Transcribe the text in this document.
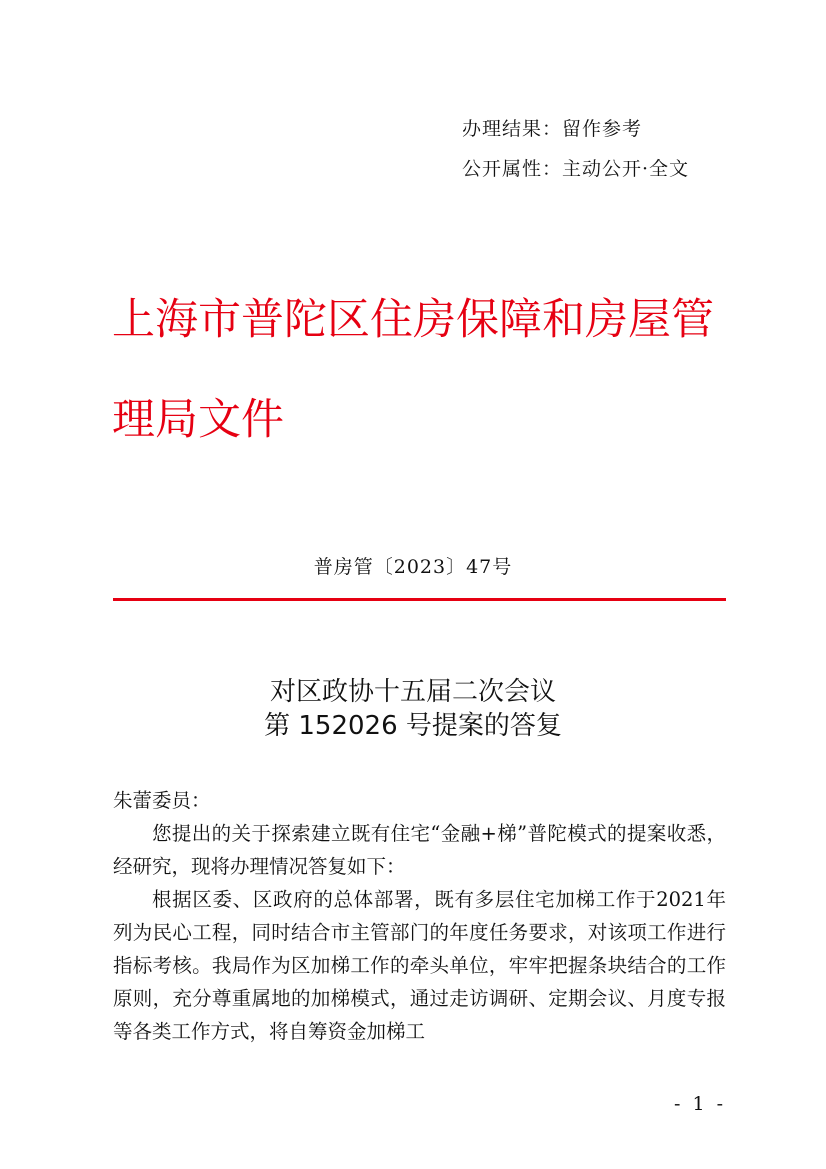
办理结果：留作参考
公开属性：主动公开·全文
上海市普陀区住房保障和房屋管理局文件
普房管〔2023〕47号
对区政协十五届二次会议
第 152026 号提案的答复

朱蕾委员：

您提出的关于探索建立既有住宅“金融+梯”普陀模式的提案收悉，经研究，现将办理情况答复如下：

根据区委、区政府的总体部署，既有多层住宅加梯工作于2021年列为民心工程，同时结合市主管部门的年度任务要求，对该项工作进行指标考核。我局作为区加梯工作的牵头单位，牢牢把握条块结合的工作原则，充分尊重属地的加梯模式，通过走访调研、定期会议、月度专报等各类工作方式，将自筹资金加梯工

- 1 -
